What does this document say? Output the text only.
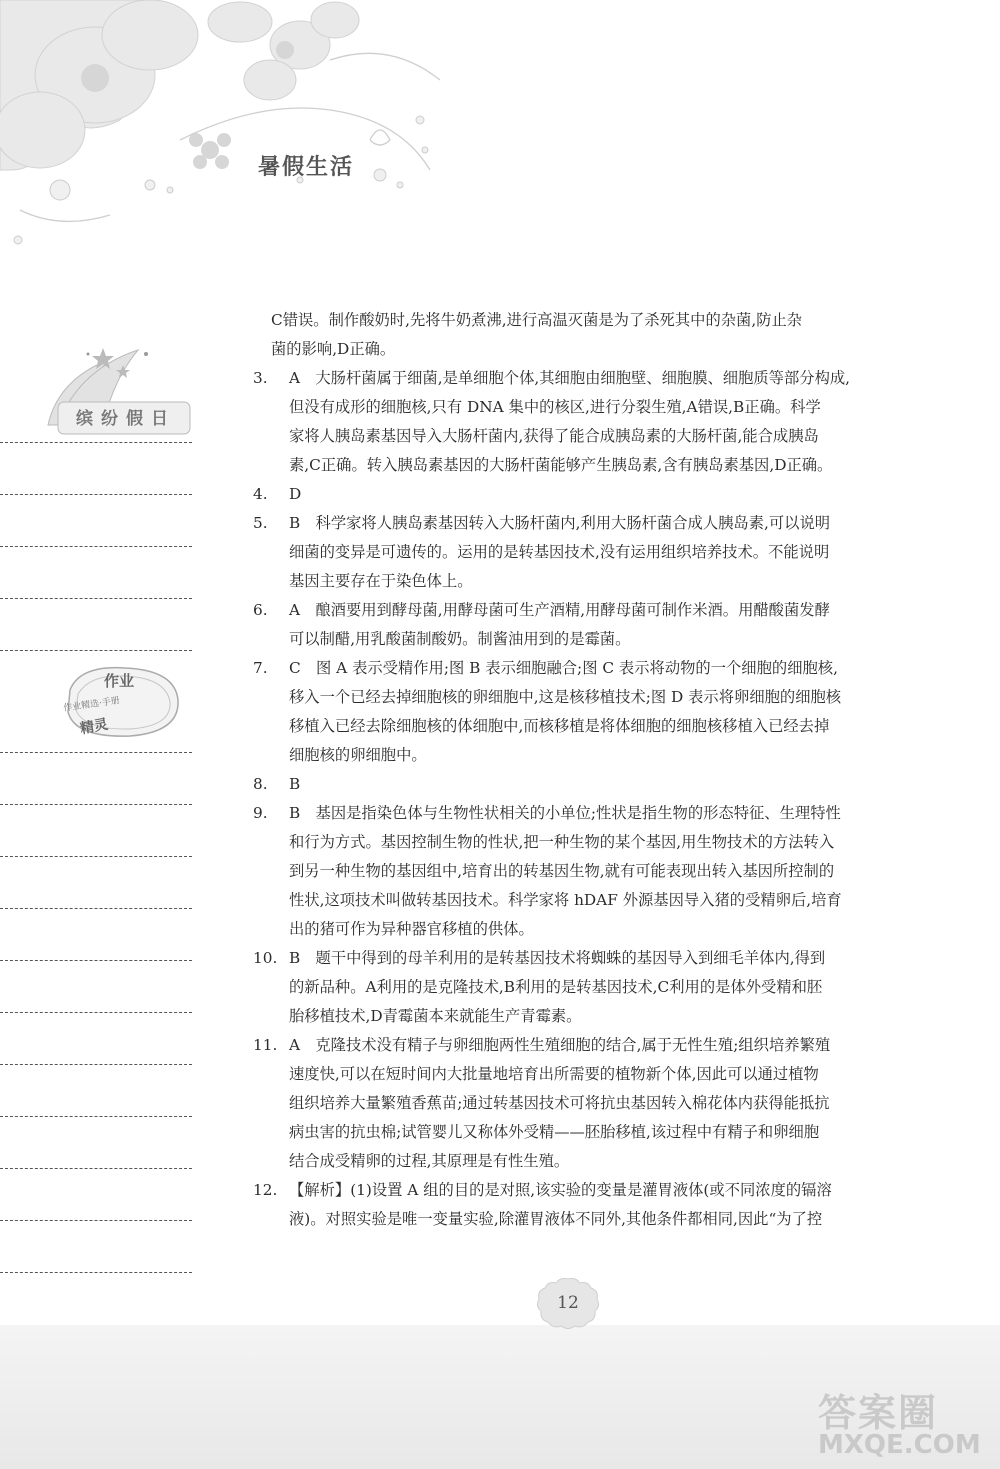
暑假生活
缤纷假日
作业
作业精选·手册
精灵

C错误。制作酸奶时,先将牛奶煮沸,进行高温灭菌是为了杀死其中的杂菌,防止杂

菌的影响,D正确。

3.	A　大肠杆菌属于细菌,是单细胞个体,其细胞由细胞壁、细胞膜、细胞质等部分构成,
但没有成形的细胞核,只有 DNA 集中的核区,进行分裂生殖,A错误,B正确。科学
家将人胰岛素基因导入大肠杆菌内,获得了能合成胰岛素的大肠杆菌,能合成胰岛
素,C正确。转入胰岛素基因的大肠杆菌能够产生胰岛素,含有胰岛素基因,D正确。
4.	D
5.	B　科学家将人胰岛素基因转入大肠杆菌内,利用大肠杆菌合成人胰岛素,可以说明
细菌的变异是可遗传的。运用的是转基因技术,没有运用组织培养技术。不能说明
基因主要存在于染色体上。
6.	A　酿酒要用到酵母菌,用酵母菌可生产酒精,用酵母菌可制作米酒。用醋酸菌发酵
可以制醋,用乳酸菌制酸奶。制酱油用到的是霉菌。
7.	C　图 A 表示受精作用;图 B 表示细胞融合;图 C 表示将动物的一个细胞的细胞核,
移入一个已经去掉细胞核的卵细胞中,这是核移植技术;图 D 表示将卵细胞的细胞核
移植入已经去除细胞核的体细胞中,而核移植是将体细胞的细胞核移植入已经去掉
细胞核的卵细胞中。
8.	B
9.	B　基因是指染色体与生物性状相关的小单位;性状是指生物的形态特征、生理特性
和行为方式。基因控制生物的性状,把一种生物的某个基因,用生物技术的方法转入
到另一种生物的基因组中,培育出的转基因生物,就有可能表现出转入基因所控制的
性状,这项技术叫做转基因技术。科学家将 hDAF 外源基因导入猪的受精卵后,培育
出的猪可作为异种器官移植的供体。
10. B　题干中得到的母羊利用的是转基因技术将蜘蛛的基因导入到细毛羊体内,得到
的新品种。A利用的是克隆技术,B利用的是转基因技术,C利用的是体外受精和胚
胎移植技术,D青霉菌本来就能生产青霉素。
11. A　克隆技术没有精子与卵细胞两性生殖细胞的结合,属于无性生殖;组织培养繁殖
速度快,可以在短时间内大批量地培育出所需要的植物新个体,因此可以通过植物
组织培养大量繁殖香蕉苗;通过转基因技术可将抗虫基因转入棉花体内获得能抵抗
病虫害的抗虫棉;试管婴儿又称体外受精——胚胎移植,该过程中有精子和卵细胞
结合成受精卵的过程,其原理是有性生殖。
12. 【解析】(1)设置 A 组的目的是对照,该实验的变量是灌胃液体(或不同浓度的镉溶
液)。对照实验是唯一变量实验,除灌胃液体不同外,其他条件都相同,因此“为了控
12
答案圈
MXQE.COM
